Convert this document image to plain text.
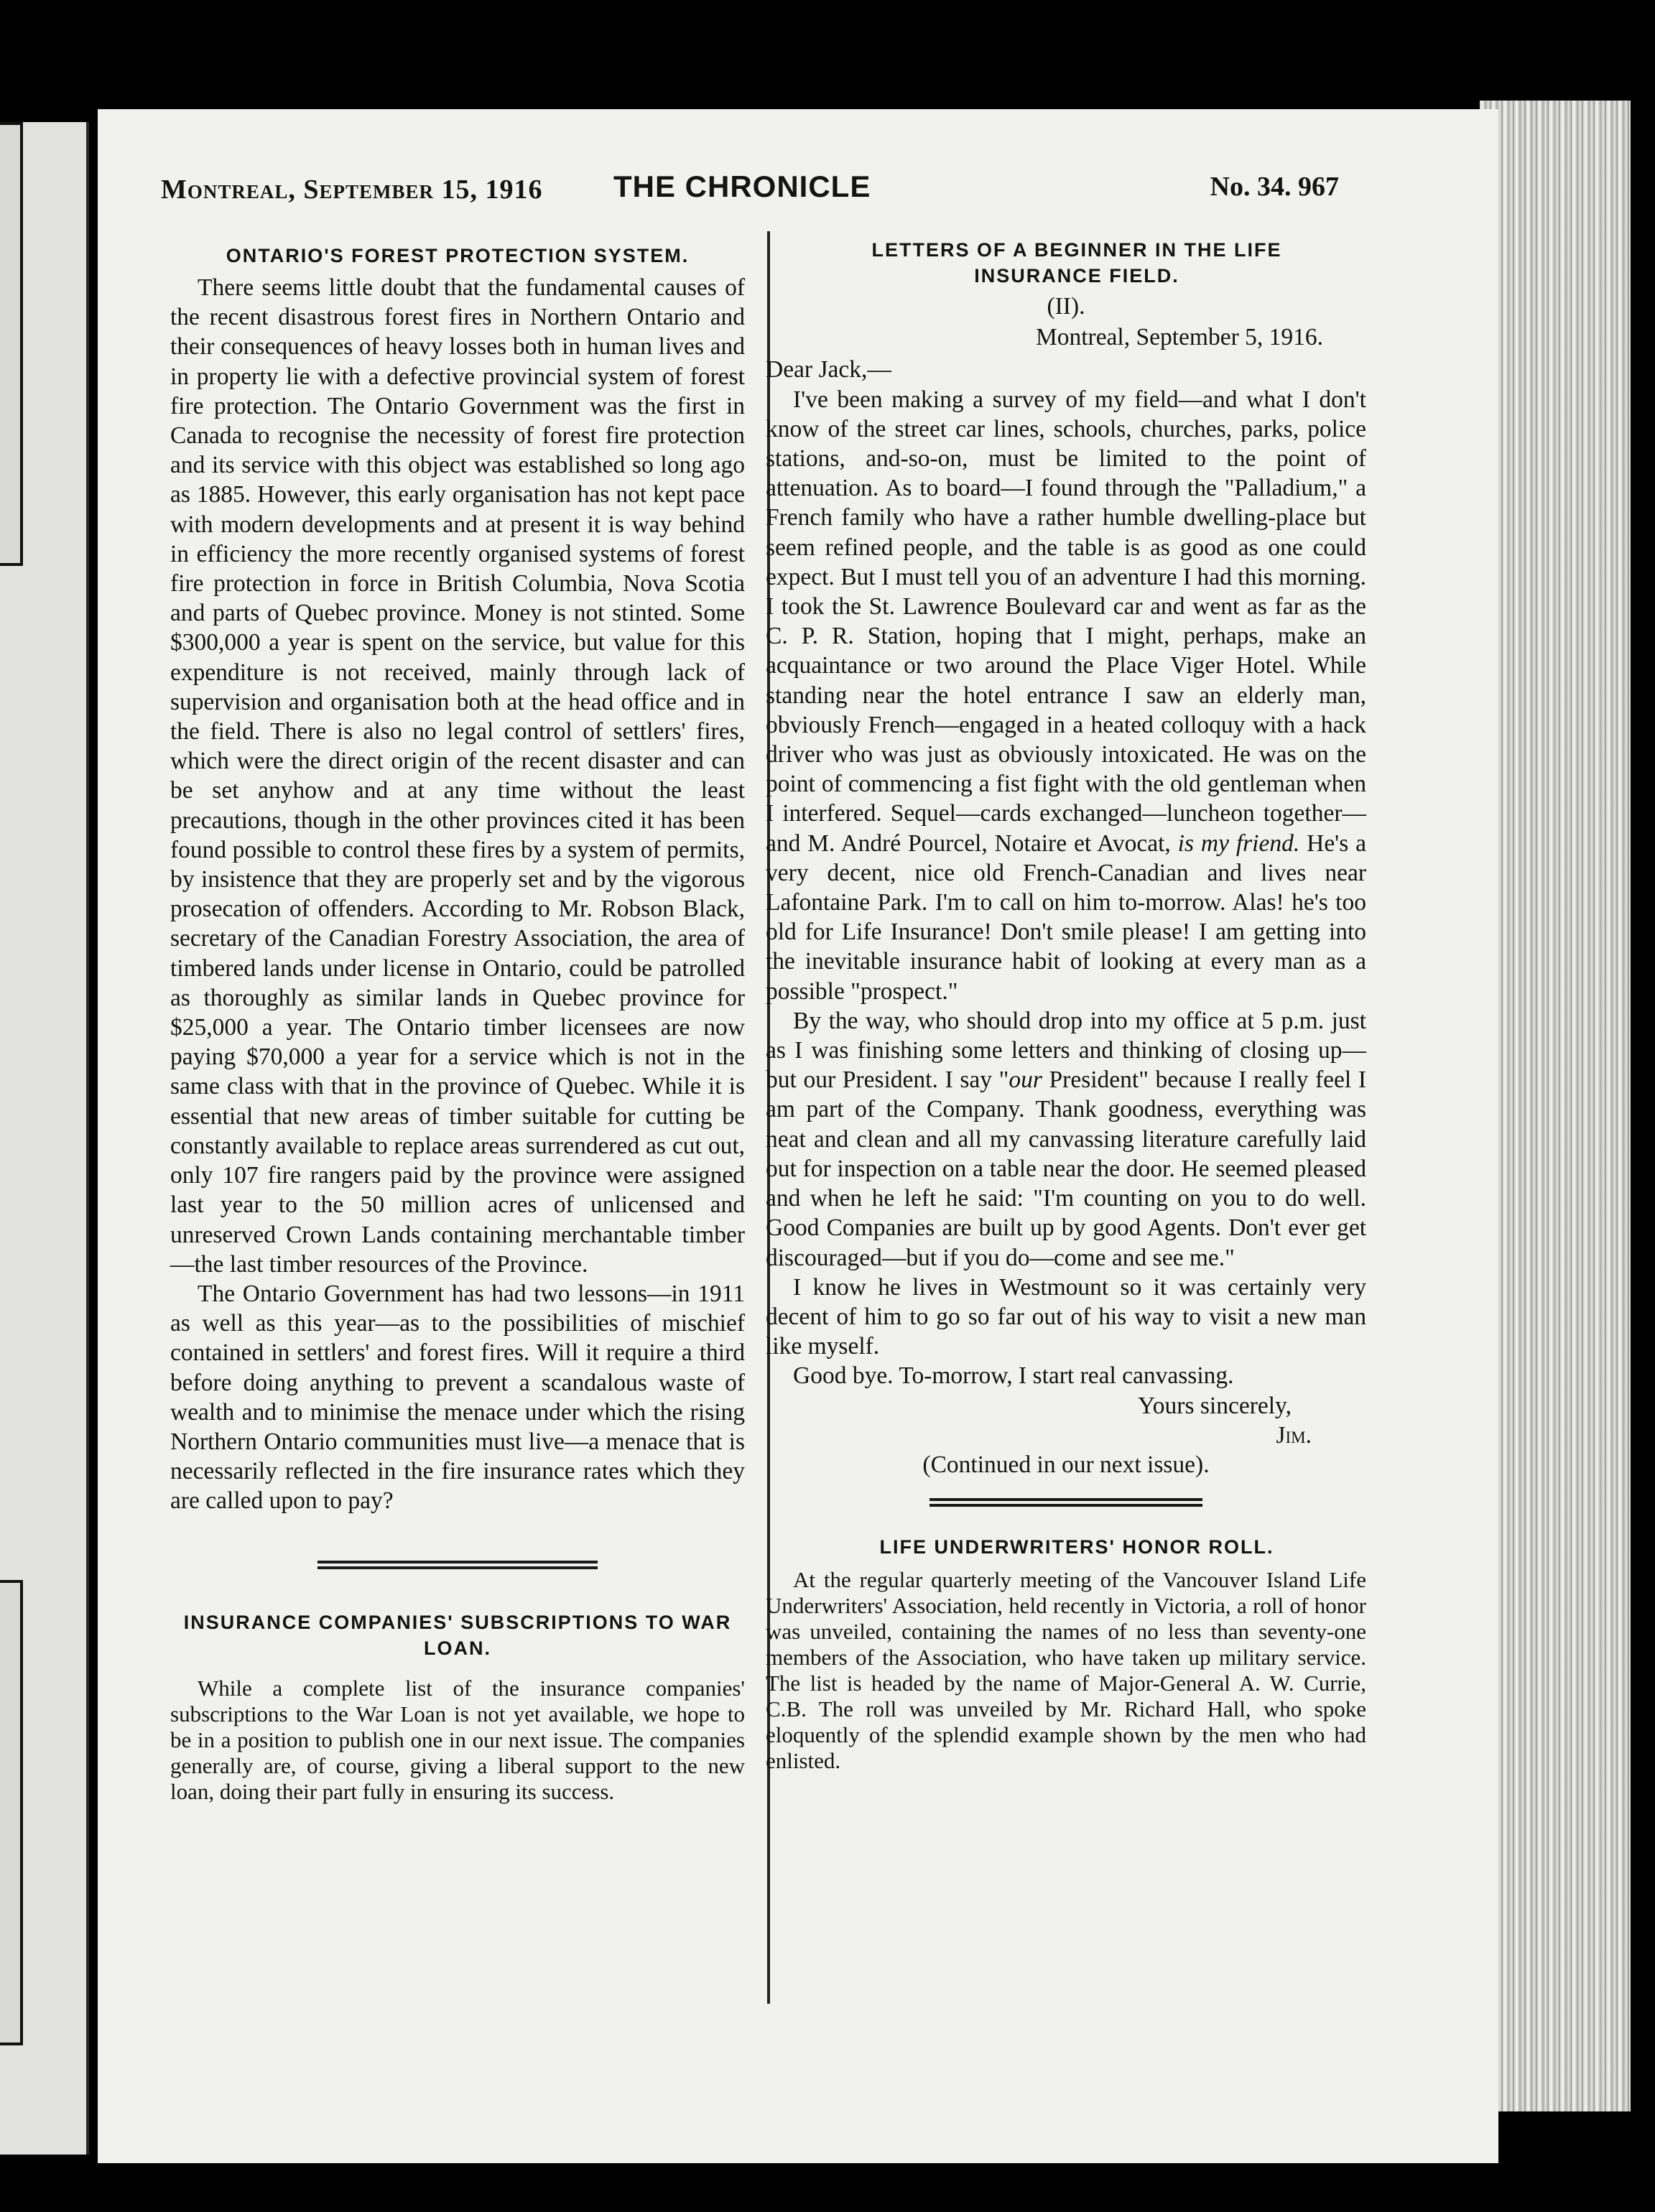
Montreal, September 15, 1916 THE CHRONICLE	No. 34. 967
ONTARIO'S FOREST PROTECTION SYSTEM.

There seems little doubt that the fundamental causes of the recent disastrous forest fires in Northern Ontario and their consequences of heavy losses both in human lives and in property lie with a defective provincial system of forest fire protection. The Ontario Government was the first in Canada to recognise the necessity of forest fire protection and its service with this object was established so long ago as 1885. However, this early organisation has not kept pace with modern developments and at present it is way behind in efficiency the more recently organised systems of forest fire protection in force in British Columbia, Nova Scotia and parts of Quebec province. Money is not stinted. Some $300,000 a year is spent on the service, but value for this expenditure is not received, mainly through lack of supervision and organisation both at the head office and in the field. There is also no legal control of settlers' fires, which were the direct origin of the recent disaster and can be set anyhow and at any time without the least precautions, though in the other provinces cited it has been found possible to control these fires by a system of permits, by insistence that they are properly set and by the vigorous prosecation of offenders. According to Mr. Robson Black, secretary of the Canadian Forestry Association, the area of timbered lands under license in Ontario, could be patrolled as thoroughly as similar lands in Quebec province for $25,000 a year. The Ontario timber licensees are now paying $70,000 a year for a service which is not in the same class with that in the province of Quebec. While it is essential that new areas of timber suitable for cutting be constantly available to replace areas surrendered as cut out, only 107 fire rangers paid by the province were assigned last year to the 50 million acres of unlicensed and unreserved Crown Lands containing merchantable timber—the last timber resources of the Province.

The Ontario Government has had two lessons—in 1911 as well as this year—as to the possibilities of mischief contained in settlers' and forest fires. Will it require a third before doing anything to prevent a scandalous waste of wealth and to minimise the menace under which the rising Northern Ontario communities must live—a menace that is necessarily reflected in the fire insurance rates which they are called upon to pay?

INSURANCE COMPANIES' SUBSCRIPTIONS TO WAR LOAN.

While a complete list of the insurance companies' subscriptions to the War Loan is not yet available, we hope to be in a position to publish one in our next issue. The companies generally are, of course, giving a liberal support to the new loan, doing their part fully in ensuring its success.

LETTERS OF A BEGINNER IN THE LIFE
INSURANCE FIELD.
(II).
Montreal, September 5, 1916.

Dear Jack,—

I've been making a survey of my field—and what I don't know of the street car lines, schools, churches, parks, police stations, and-so-on, must be limited to the point of attenuation. As to board—I found through the "Palladium," a French family who have a rather humble dwelling-place but seem refined people, and the table is as good as one could expect. But I must tell you of an adventure I had this morning. I took the St. Lawrence Boulevard car and went as far as the C. P. R. Station, hoping that I might, perhaps, make an acquaintance or two around the Place Viger Hotel. While standing near the hotel entrance I saw an elderly man, obviously French—engaged in a heated colloquy with a hack driver who was just as obviously intoxicated. He was on the point of commencing a fist fight with the old gentleman when I interfered. Sequel—cards exchanged—luncheon together—and M. André Pourcel, Notaire et Avocat, is my friend. He's a very decent, nice old French-Canadian and lives near Lafontaine Park. I'm to call on him to-morrow. Alas! he's too old for Life Insurance! Don't smile please! I am getting into the inevitable insurance habit of looking at every man as a possible "prospect."

By the way, who should drop into my office at 5 p.m. just as I was finishing some letters and thinking of closing up— but our President. I say "our President" because I really feel I am part of the Company. Thank goodness, everything was neat and clean and all my canvassing literature carefully laid out for inspection on a table near the door. He seemed pleased and when he left he said: "I'm counting on you to do well. Good Companies are built up by good Agents. Don't ever get discouraged—but if you do—come and see me."

I know he lives in Westmount so it was certainly very decent of him to go so far out of his way to visit a new man like myself.

Good bye. To-morrow, I start real canvassing.

Yours sincerely,
Jim.
(Continued in our next issue).
LIFE UNDERWRITERS' HONOR ROLL.

At the regular quarterly meeting of the Vancouver Island Life Underwriters' Association, held recently in Victoria, a roll of honor was unveiled, containing the names of no less than seventy-one members of the Association, who have taken up military service. The list is headed by the name of Major-General A. W. Currie, C.B. The roll was unveiled by Mr. Richard Hall, who spoke eloquently of the splendid example shown by the men who had enlisted.
